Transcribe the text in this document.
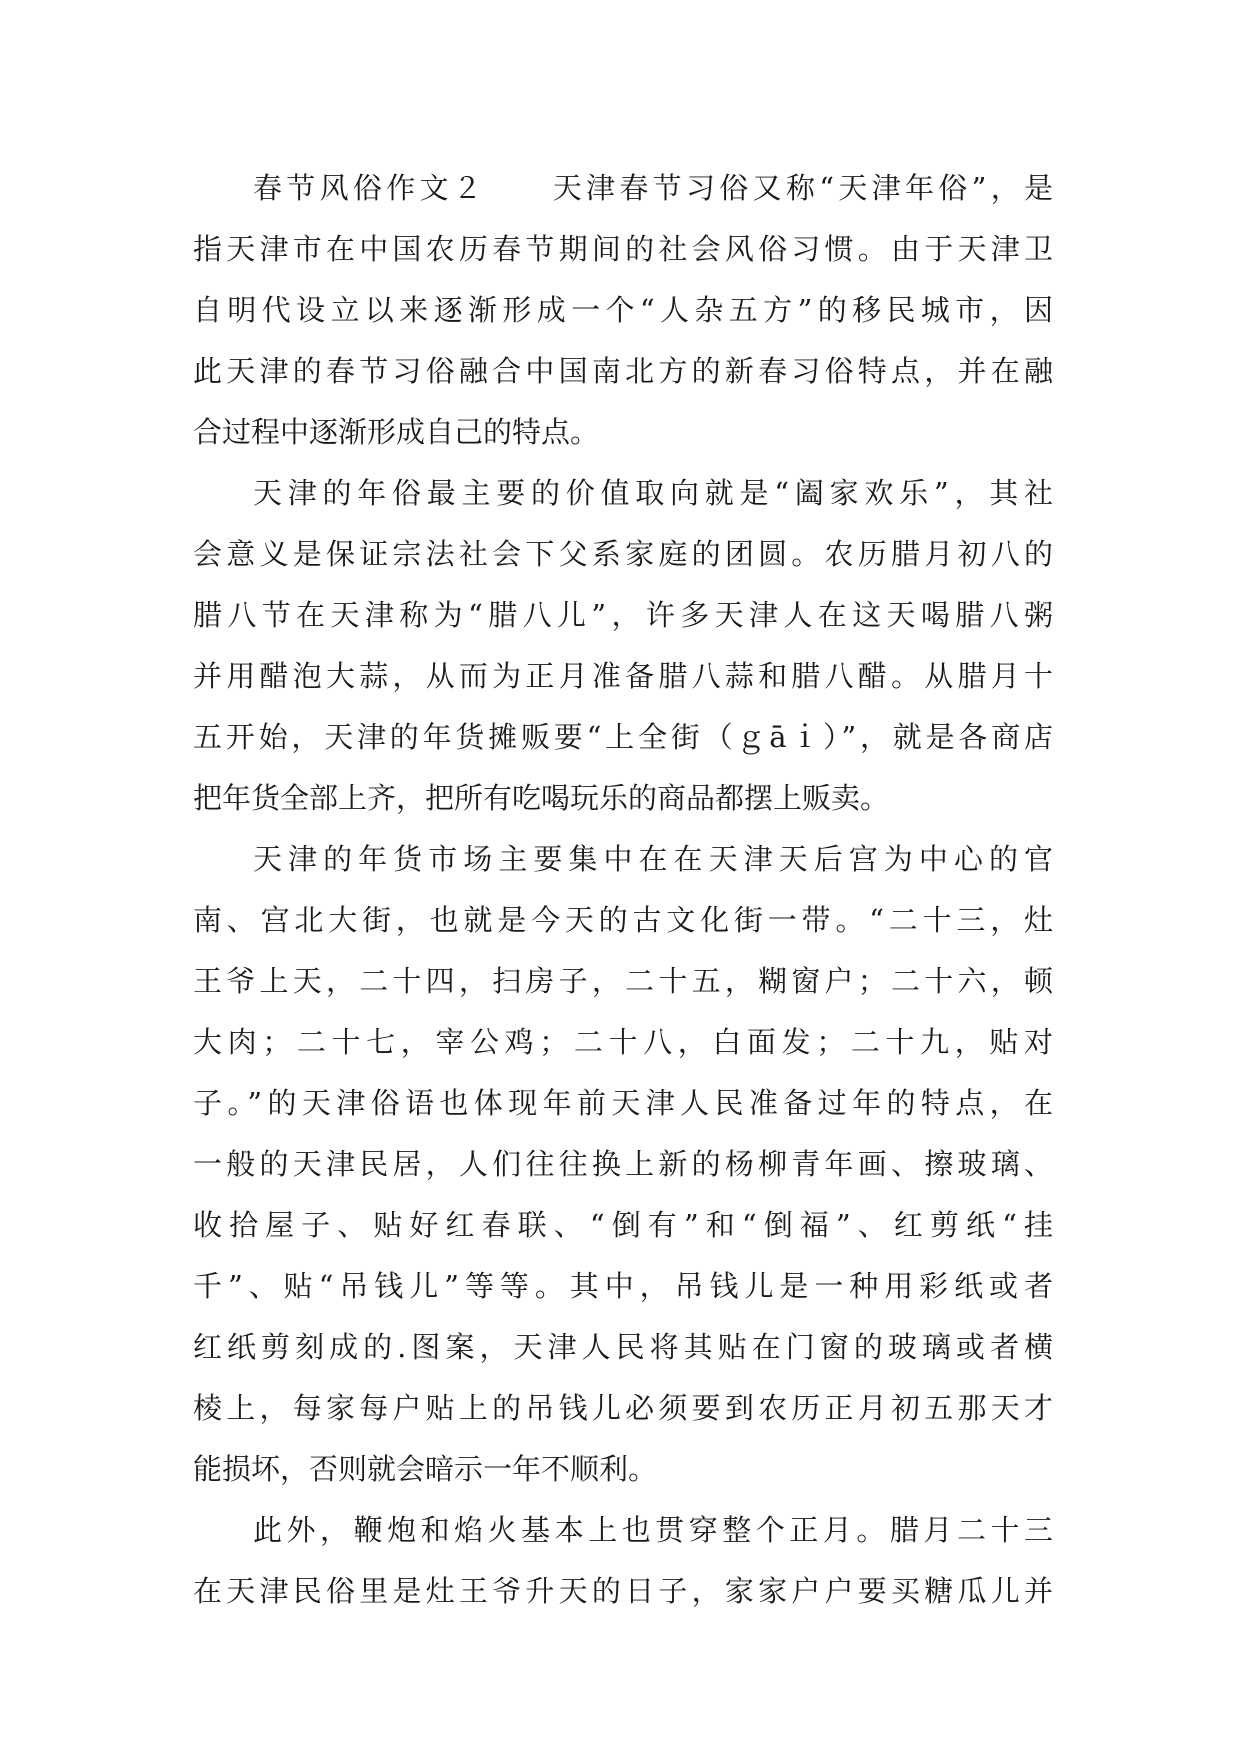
春节风俗作文２　　天津春节习俗又称“天津年俗”，是
指天津市在中国农历春节期间的社会风俗习惯。由于天津卫
自明代设立以来逐渐形成一个“人杂五方”的移民城市，因
此天津的春节习俗融合中国南北方的新春习俗特点，并在融
合过程中逐渐形成自己的特点。
天津的年俗最主要的价值取向就是“阖家欢乐”，其社
会意义是保证宗法社会下父系家庭的团圆。农历腊月初八的
腊八节在天津称为“腊八儿”，许多天津人在这天喝腊八粥
并用醋泡大蒜，从而为正月准备腊八蒜和腊八醋。从腊月十
五开始，天津的年货摊贩要“上全街（ｇāｉ）”，就是各商店
把年货全部上齐，把所有吃喝玩乐的商品都摆上贩卖。
天津的年货市场主要集中在在天津天后宫为中心的官
南、宫北大街，也就是今天的古文化街一带。“二十三，灶
王爷上天，二十四，扫房子，二十五，糊窗户；二十六，顿
大肉；二十七，宰公鸡；二十八，白面发；二十九，贴对
子。”的天津俗语也体现年前天津人民准备过年的特点，在
一般的天津民居，人们往往换上新的杨柳青年画、擦玻璃、
收拾屋子、贴好红春联、“倒有”和“倒福”、红剪纸“挂
千”、贴“吊钱儿”等等。其中，吊钱儿是一种用彩纸或者
红纸剪刻成的.图案，天津人民将其贴在门窗的玻璃或者横
棱上，每家每户贴上的吊钱儿必须要到农历正月初五那天才
能损坏，否则就会暗示一年不顺利。
此外，鞭炮和焰火基本上也贯穿整个正月。腊月二十三
在天津民俗里是灶王爷升天的日子，家家户户要买糖瓜儿并
